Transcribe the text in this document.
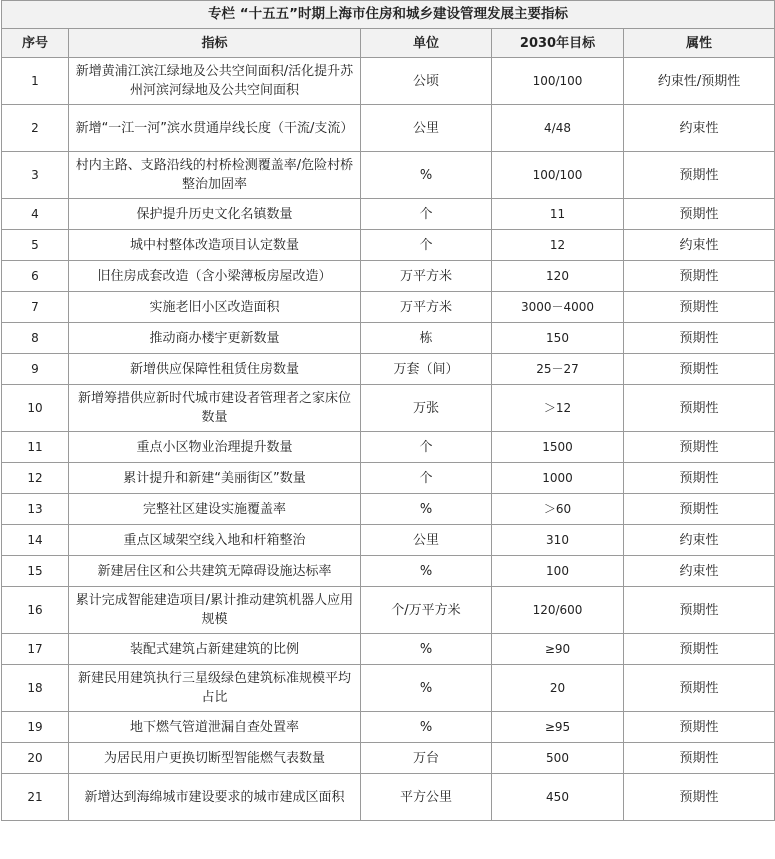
专栏 “十五五”时期上海市住房和城乡建设管理发展主要指标				
序号	指标	单位	2030年目标	属性
1	新增黄浦江滨江绿地及公共空间面积/活化提升苏州河滨河绿地及公共空间面积	公顷	100/100	约束性/预期性
2	新增“一江一河”滨水贯通岸线长度（干流/支流）	公里	4/48	约束性
3	村内主路、支路沿线的村桥检测覆盖率/危险村桥整治加固率	%	100/100	预期性
4	保护提升历史文化名镇数量	个	11	预期性
5	城中村整体改造项目认定数量	个	12	约束性
6	旧住房成套改造（含小梁薄板房屋改造）	万平方米	120	预期性
7	实施老旧小区改造面积	万平方米	3000－4000	预期性
8	推动商办楼宇更新数量	栋	150	预期性
9	新增供应保障性租赁住房数量	万套（间）	25－27	预期性
10	新增筹措供应新时代城市建设者管理者之家床位数量	万张	＞12	预期性
11	重点小区物业治理提升数量	个	1500	预期性
12	累计提升和新建“美丽街区”数量	个	1000	预期性
13	完整社区建设实施覆盖率	%	＞60	预期性
14	重点区域架空线入地和杆箱整治	公里	310	约束性
15	新建居住区和公共建筑无障碍设施达标率	%	100	约束性
16	累计完成智能建造项目/累计推动建筑机器人应用规模	个/万平方米	120/600	预期性
17	装配式建筑占新建建筑的比例	%	≥90	预期性
18	新建民用建筑执行三星级绿色建筑标准规模平均占比	%	20	预期性
19	地下燃气管道泄漏自查处置率	%	≥95	预期性
20	为居民用户更换切断型智能燃气表数量	万台	500	预期性
21	新增达到海绵城市建设要求的城市建成区面积	平方公里	450	预期性
